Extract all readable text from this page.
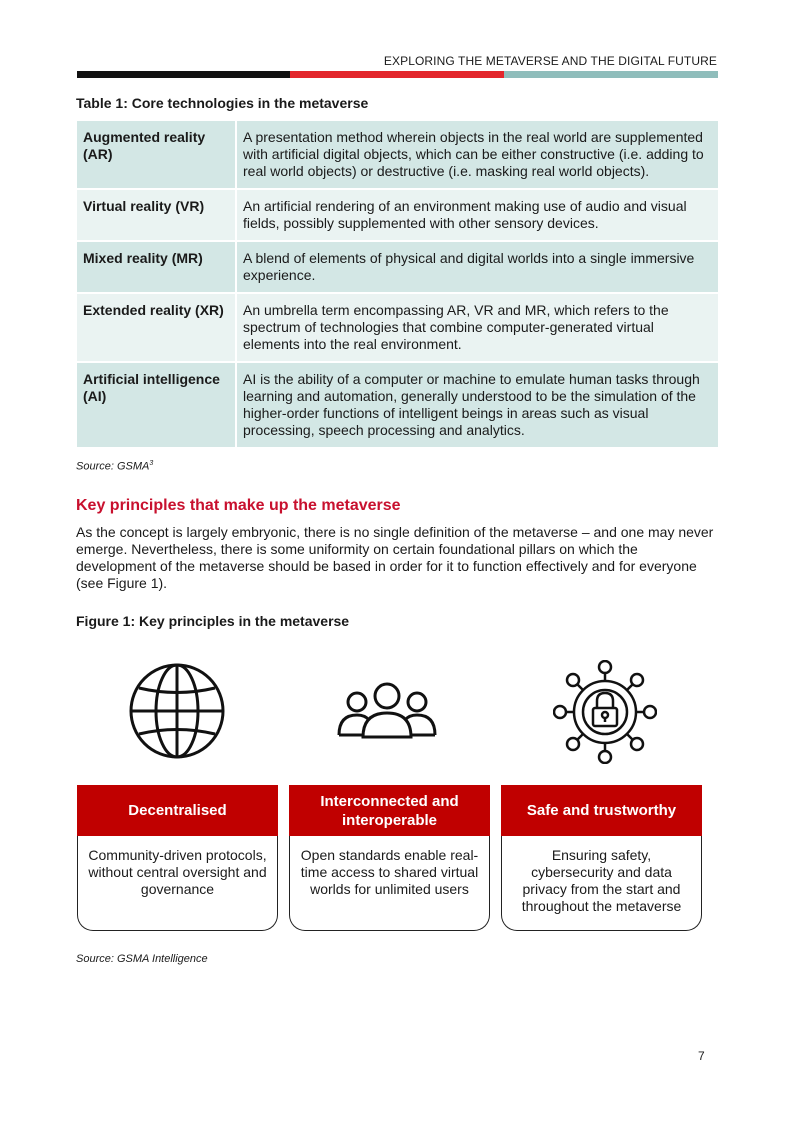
EXPLORING THE METAVERSE AND THE DIGITAL FUTURE
Table 1: Core technologies in the metaverse
Augmented reality (AR)	A presentation method wherein objects in the real world are supplemented with artificial digital objects, which can be either constructive (i.e. adding to real world objects) or destructive (i.e. masking real world objects).
Virtual reality (VR)	An artificial rendering of an environment making use of audio and visual fields, possibly supplemented with other sensory devices.
Mixed reality (MR)	A blend of elements of physical and digital worlds into a single immersive experience.
Extended reality (XR)	An umbrella term encompassing AR, VR and MR, which refers to the spectrum of technologies that combine computer-generated virtual elements into the real environment.
Artificial intelligence (AI)	AI is the ability of a computer or machine to emulate human tasks through learning and automation, generally understood to be the simulation of the higher-order functions of intelligent beings in areas such as visual processing, speech processing and analytics.
Source: GSMA$^3$
Key principles that make up the metaverse

As the concept is largely embryonic, there is no single definition of the metaverse – and one may never emerge. Nevertheless, there is some uniformity on certain foundational pillars on which the development of the metaverse should be based in order for it to function effectively and for everyone (see Figure 1).

Figure 1: Key principles in the metaverse
Decentralised
Community-driven protocols, without central oversight and governance
Interconnected and interoperable
Open standards enable real-time access to shared virtual worlds for unlimited users
Safe and trustworthy
Ensuring safety, cybersecurity and data privacy from the start and throughout the metaverse
Source: GSMA Intelligence
7
